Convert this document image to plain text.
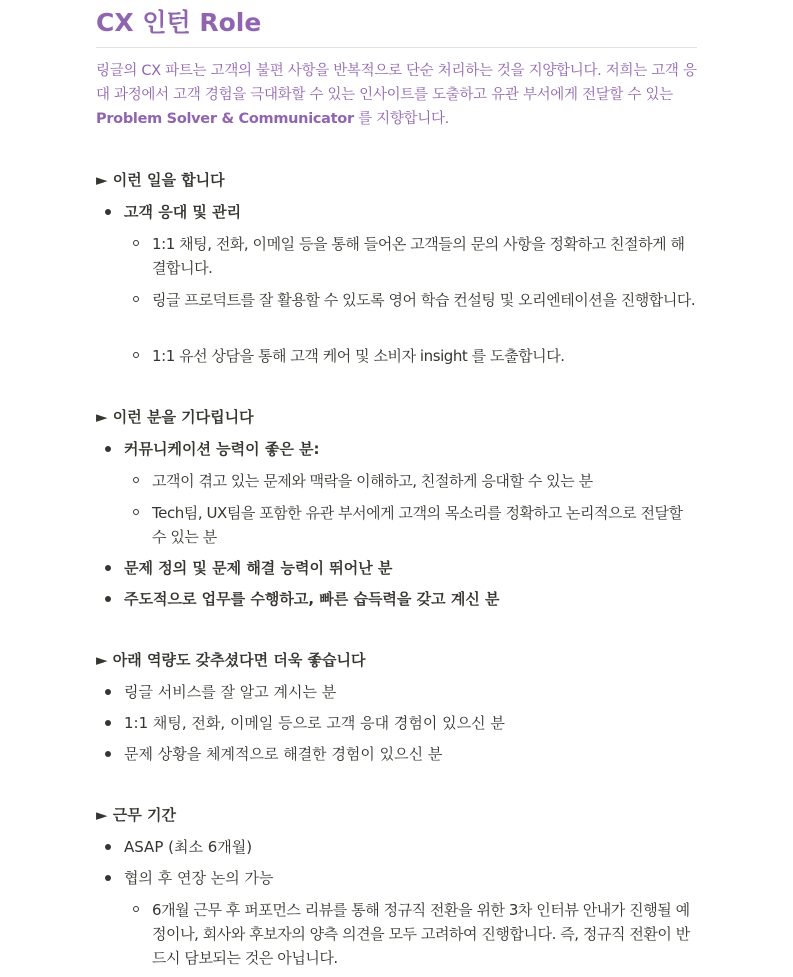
CX 인턴 Role
링글의 CX 파트는 고객의 불편 사항을 반복적으로 단순 처리하는 것을 지양합니다. 저희는 고객 응대 과정에서 고객 경험을 극대화할 수 있는 인사이트를 도출하고 유관 부서에게 전달할 수 있는 Problem Solver & Communicator 를 지향합니다.
► 이런 일을 합니다
고객 응대 및 관리
1:1 채팅, 전화, 이메일 등을 통해 들어온 고객들의 문의 사항을 정확하고 친절하게 해결합니다.
링글 프로덕트를 잘 활용할 수 있도록 영어 학습 컨설팅 및 오리엔테이션을 진행합니다.
1:1 유선 상담을 통해 고객 케어 및 소비자 insight 를 도출합니다.
► 이런 분을 기다립니다
커뮤니케이션 능력이 좋은 분:
고객이 겪고 있는 문제와 맥락을 이해하고, 친절하게 응대할 수 있는 분
Tech팀, UX팀을 포함한 유관 부서에게 고객의 목소리를 정확하고 논리적으로 전달할 수 있는 분
문제 정의 및 문제 해결 능력이 뛰어난 분
주도적으로 업무를 수행하고, 빠른 습득력을 갖고 계신 분
► 아래 역량도 갖추셨다면 더욱 좋습니다
링글 서비스를 잘 알고 계시는 분
1:1 채팅, 전화, 이메일 등으로 고객 응대 경험이 있으신 분
문제 상황을 체계적으로 해결한 경험이 있으신 분
► 근무 기간
ASAP (최소 6개월)
협의 후 연장 논의 가능
6개월 근무 후 퍼포먼스 리뷰를 통해 정규직 전환을 위한 3차 인터뷰 안내가 진행될 예정이나, 회사와 후보자의 양측 의견을 모두 고려하여 진행합니다. 즉, 정규직 전환이 반드시 담보되는 것은 아닙니다.
